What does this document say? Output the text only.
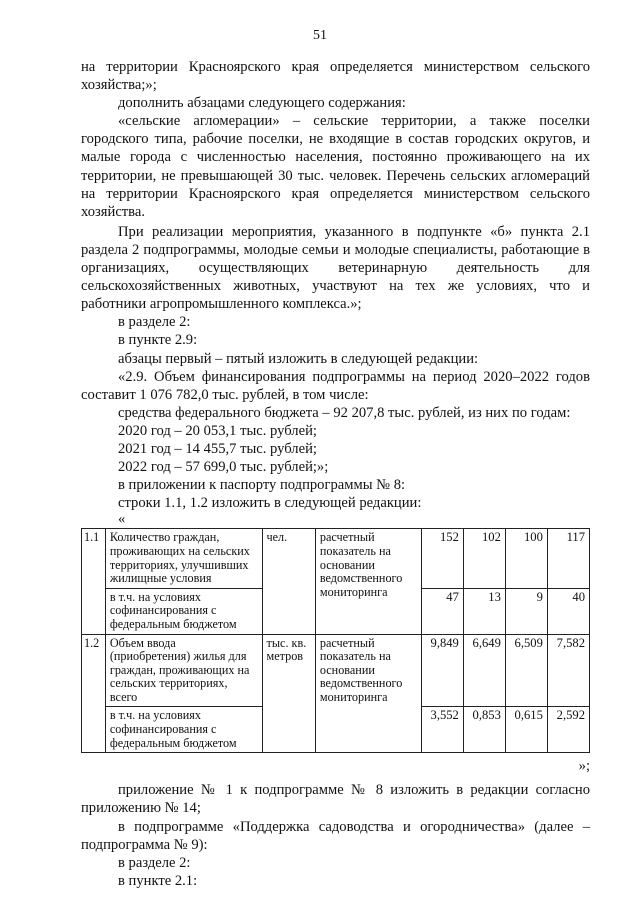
51

на территории Красноярского края определяется министерством сельского хозяйства;»;

дополнить абзацами следующего содержания:

«сельские агломерации» – сельские территории, а также поселки городского типа, рабочие поселки, не входящие в состав городских округов, и малые города с численностью населения, постоянно проживающего на их территории, не превышающей 30 тыс. человек. Перечень сельских агломераций на территории Красноярского края определяется министерством сельского хозяйства.

При реализации мероприятия, указанного в подпункте «б» пункта 2.1 раздела 2 подпрограммы, молодые семьи и молодые специалисты, работающие в организациях, осуществляющих ветеринарную деятельность для сельскохозяйственных животных, участвуют на тех же условиях, что и работники агропромышленного комплекса.»;

в разделе 2:

в пункте 2.9:

абзацы первый – пятый изложить в следующей редакции:

«2.9. Объем финансирования подпрограммы на период 2020–2022 годов составит 1 076 782,0 тыс. рублей, в том числе:

средства федерального бюджета – 92 207,8 тыс. рублей, из них по годам:

2020 год – 20 053,1 тыс. рублей;

2021 год – 14 455,7 тыс. рублей;

2022 год – 57 699,0 тыс. рублей;»;

в приложении к паспорту подпрограммы № 8:

строки 1.1, 1.2 изложить в следующей редакции:

«

1.1	Количество граждан, проживающих на сельских территориях, улучшивших жилищные условия	чел.	расчетный показатель на основании ведомственного мониторинга	152	102	100	117
	в т.ч. на условиях софинансирования с федеральным бюджетом			47	13	9	40
1.2	Объем ввода (приобретения) жилья для граждан, проживающих на сельских территориях, всего	тыс. кв. метров	расчетный показатель на основании ведомственного мониторинга	9,849	6,649	6,509	7,582
	в т.ч. на условиях софинансирования с федеральным бюджетом			3,552	0,853	0,615	2,592

»;

приложение № 1 к подпрограмме № 8 изложить в редакции согласно приложению № 14;

в подпрограмме «Поддержка садоводства и огородничества» (далее – подпрограмма № 9):

в разделе 2:

в пункте 2.1:
